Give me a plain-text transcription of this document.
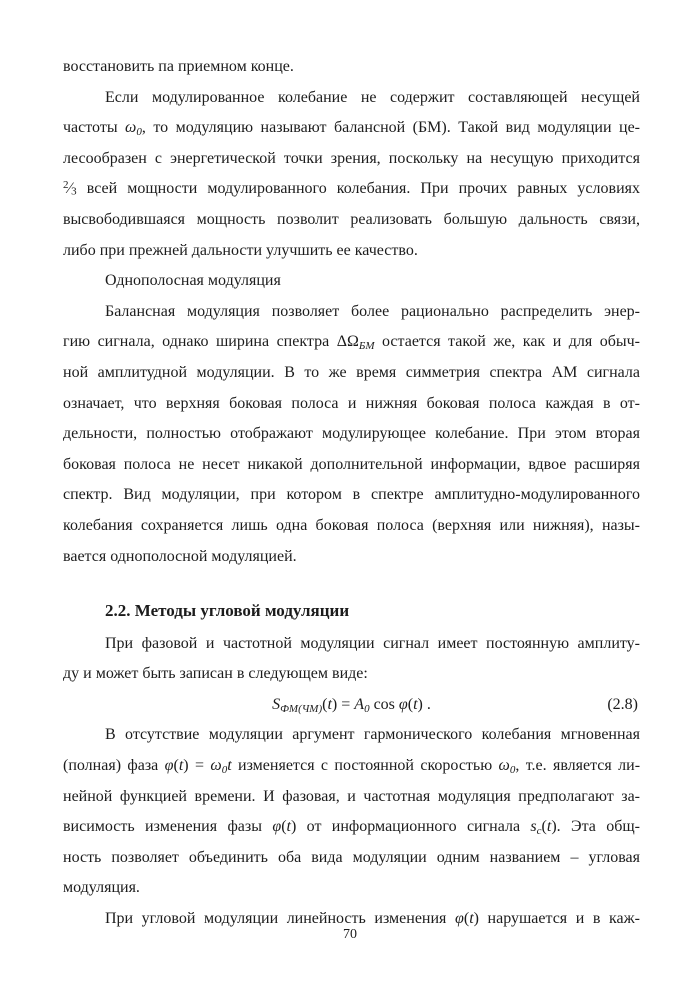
восстановить па приемном конце.
Если модулированное колебание не содержит составляющей несущей
частоты $\omega_0$, то модуляцию называют балансной (БМ). Такой вид модуляции це-
лесообразен с энергетической точки зрения, поскольку на несущую приходится
$^2$⁄3 всей мощности модулированного колебания. При прочих равных условиях
высвободившаяся мощность позволит реализовать большую дальность связи,
либо при прежней дальности улучшить ее качество.
Однополосная модуляция
Балансная модуляция позволяет более рационально распределить энер-
гию сигнала, однако ширина спектра $\Delta\Omega_{БМ}$ остается такой же, как и для обыч-
ной амплитудной модуляции. В то же время симметрия спектра АМ сигнала
означает, что верхняя боковая полоса и нижняя боковая полоса каждая в от-
дельности, полностью отображают модулирующее колебание. При этом вторая
боковая полоса не несет никакой дополнительной информации, вдвое расширяя
спектр. Вид модуляции, при котором в спектре амплитудно-модулированного
колебания сохраняется лишь одна боковая полоса (верхняя или нижняя), назы-
вается однополосной модуляцией.
2.2. Методы угловой модуляции
При фазовой и частотной модуляции сигнал имеет постоянную амплиту-
ду и может быть записан в следующем виде:
$S_{ФМ(ЧМ)}(t) = A_0$ cos φ(t) .	(2.8)
В отсутствие модуляции аргумент гармонического колебания мгновенная
(полная) фаза $\varphi(t) = \omega_0t$ изменяется с постоянной скоростью $\omega_0$, т.е. является ли-
нейной функцией времени. И фазовая, и частотная модуляция предполагают за-
висимость изменения фазы φ(t) от информационного сигнала $s_с(t)$. Эта общ-
ность позволяет объединить оба вида модуляции одним названием – угловая
модуляция.
При угловой модуляции линейность изменения φ(t) нарушается и в каж-
70
